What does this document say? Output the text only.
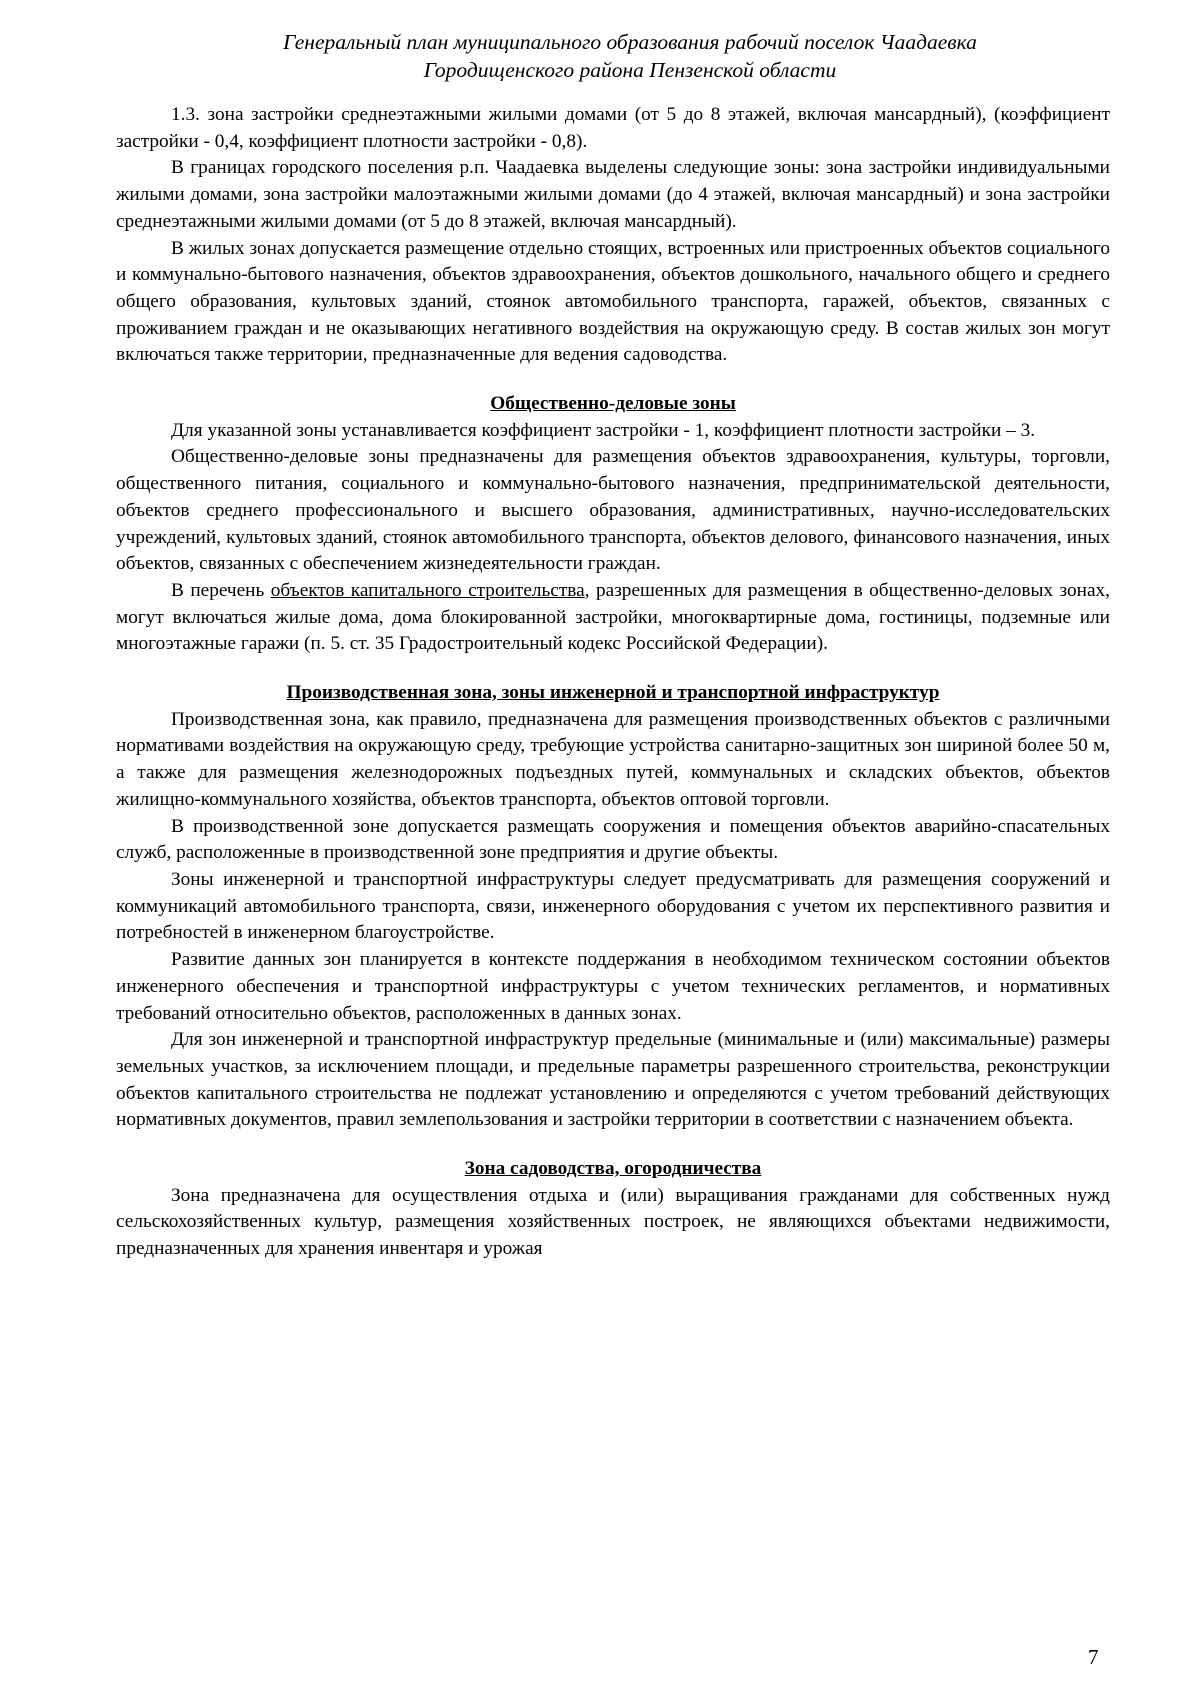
Генеральный план муниципального образования рабочий поселок Чаадаевка
Городищенского района Пензенской области

1.3. зона застройки среднеэтажными жилыми домами (от 5 до 8 этажей, включая мансардный), (коэффициент застройки - 0,4, коэффициент плотности застройки - 0,8).

В границах городского поселения р.п. Чаадаевка выделены следующие зоны: зона застройки индивидуальными жилыми домами, зона застройки малоэтажными жилыми домами (до 4 этажей, включая мансардный) и зона застройки среднеэтажными жилыми домами (от 5 до 8 этажей, включая мансардный).

В жилых зонах допускается размещение отдельно стоящих, встроенных или пристроенных объектов социального и коммунально-бытового назначения, объектов здравоохранения, объектов дошкольного, начального общего и среднего общего образования, культовых зданий, стоянок автомобильного транспорта, гаражей, объектов, связанных с проживанием граждан и не оказывающих негативного воздействия на окружающую среду. В состав жилых зон могут включаться также территории, предназначенные для ведения садоводства.

Общественно-деловые зоны

Для указанной зоны устанавливается коэффициент застройки - 1, коэффициент плотности застройки – 3.

Общественно-деловые зоны предназначены для размещения объектов здравоохранения, культуры, торговли, общественного питания, социального и коммунально-бытового назначения, предпринимательской деятельности, объектов среднего профессионального и высшего образования, административных, научно-исследовательских учреждений, культовых зданий, стоянок автомобильного транспорта, объектов делового, финансового назначения, иных объектов, связанных с обеспечением жизнедеятельности граждан.

В перечень объектов капитального строительства, разрешенных для размещения в общественно-деловых зонах, могут включаться жилые дома, дома блокированной застройки, многоквартирные дома, гостиницы, подземные или многоэтажные гаражи (п. 5. ст. 35 Градостроительный кодекс Российской Федерации).

Производственная зона, зоны инженерной и транспортной инфраструктур

Производственная зона, как правило, предназначена для размещения производственных объектов с различными нормативами воздействия на окружающую среду, требующие устройства санитарно-защитных зон шириной более 50 м, а также для размещения железнодорожных подъездных путей, коммунальных и складских объектов, объектов жилищно-коммунального хозяйства, объектов транспорта, объектов оптовой торговли.

В производственной зоне допускается размещать сооружения и помещения объектов аварийно-спасательных служб, расположенные в производственной зоне предприятия и другие объекты.

Зоны инженерной и транспортной инфраструктуры следует предусматривать для размещения сооружений и коммуникаций автомобильного транспорта, связи, инженерного оборудования с учетом их перспективного развития и потребностей в инженерном благоустройстве.

Развитие данных зон планируется в контексте поддержания в необходимом техническом состоянии объектов инженерного обеспечения и транспортной инфраструктуры с учетом технических регламентов, и нормативных требований относительно объектов, расположенных в данных зонах.

Для зон инженерной и транспортной инфраструктур предельные (минимальные и (или) максимальные) размеры земельных участков, за исключением площади, и предельные параметры разрешенного строительства, реконструкции объектов капитального строительства не подлежат установлению и определяются с учетом требований действующих нормативных документов, правил землепользования и застройки территории в соответствии с назначением объекта.

Зона садоводства, огородничества

Зона предназначена для осуществления отдыха и (или) выращивания гражданами для собственных нужд сельскохозяйственных культур, размещения хозяйственных построек, не являющихся объектами недвижимости, предназначенных для хранения инвентаря и урожая

7
